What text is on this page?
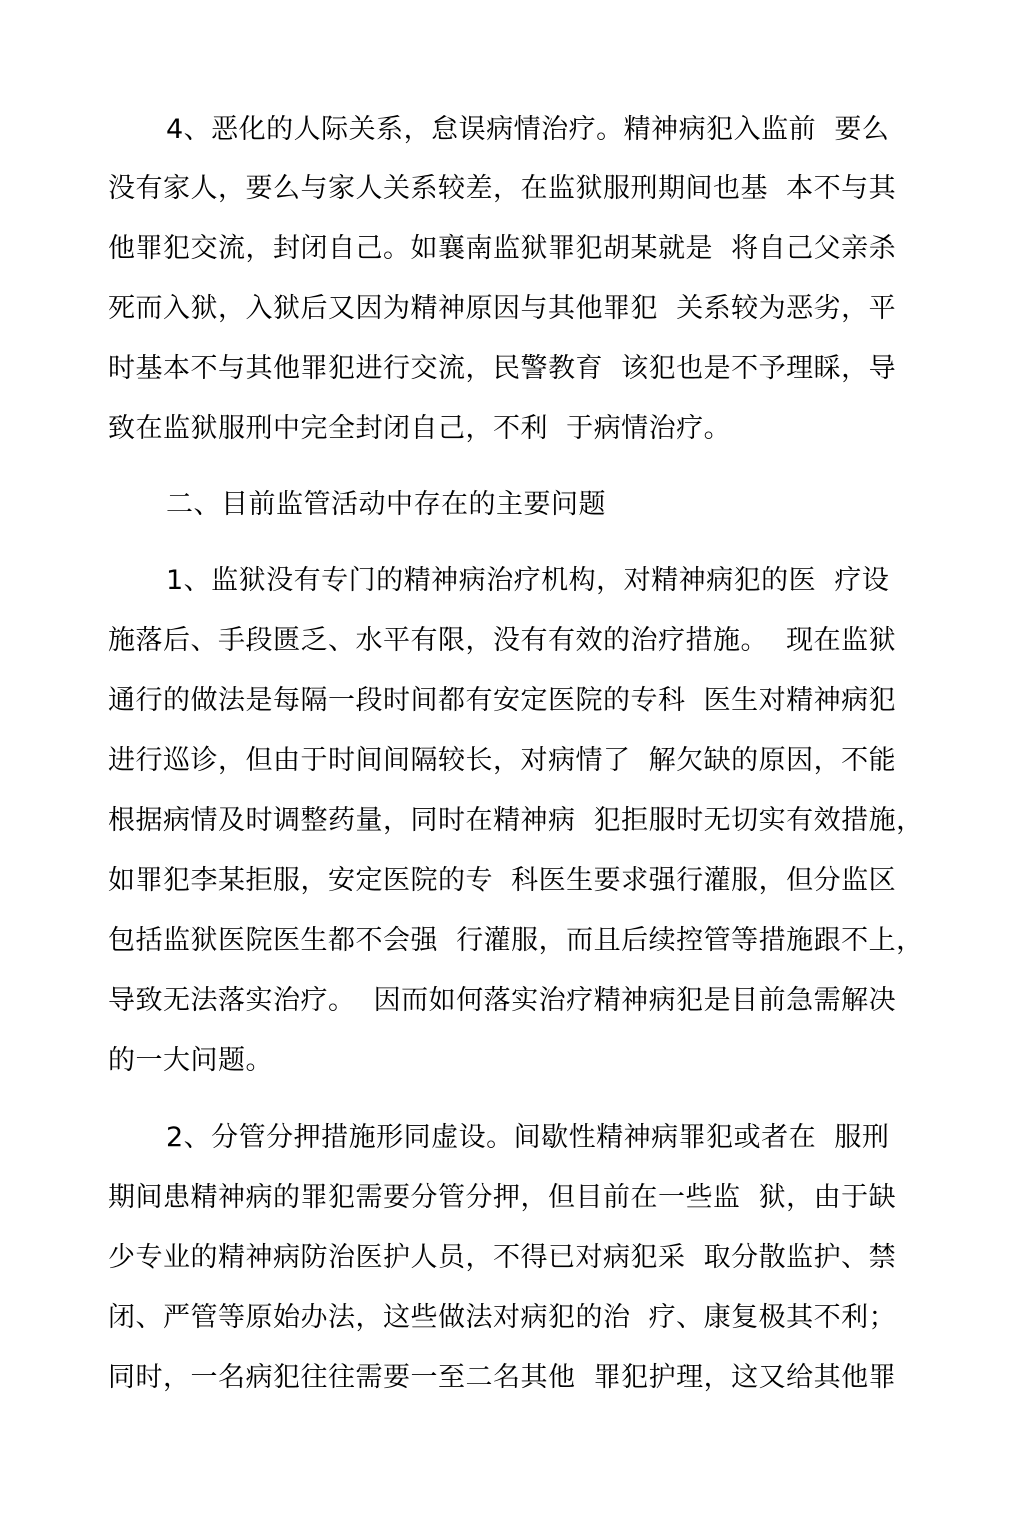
4、恶化的人际关系，怠误病情治疗。精神病犯入监前  要么
没有家人，要么与家人关系较差，在监狱服刑期间也基  本不与其
他罪犯交流，封闭自己。如襄南监狱罪犯胡某就是  将自己父亲杀
死而入狱，入狱后又因为精神原因与其他罪犯  关系较为恶劣，平
时基本不与其他罪犯进行交流，民警教育  该犯也是不予理睬，导
致在监狱服刑中完全封闭自己，不利  于病情治疗。
二、目前监管活动中存在的主要问题
1、监狱没有专门的精神病治疗机构，对精神病犯的医  疗设
施落后、手段匮乏、水平有限，没有有效的治疗措施。  现在监狱
通行的做法是每隔一段时间都有安定医院的专科  医生对精神病犯
进行巡诊，但由于时间间隔较长，对病情了  解欠缺的原因，不能
根据病情及时调整药量，同时在精神病  犯拒服时无切实有效措施，
如罪犯李某拒服，安定医院的专  科医生要求强行灌服，但分监区
包括监狱医院医生都不会强  行灌服，而且后续控管等措施跟不上，
导致无法落实治疗。  因而如何落实治疗精神病犯是目前急需解决
的一大问题。
2、分管分押措施形同虚设。间歇性精神病罪犯或者在  服刑
期间患精神病的罪犯需要分管分押，但目前在一些监  狱，由于缺
少专业的精神病防治医护人员，不得已对病犯采  取分散监护、禁
闭、严管等原始办法，这些做法对病犯的治  疗、康复极其不利；
同时，一名病犯往往需要一至二名其他  罪犯护理，这又给其他罪
